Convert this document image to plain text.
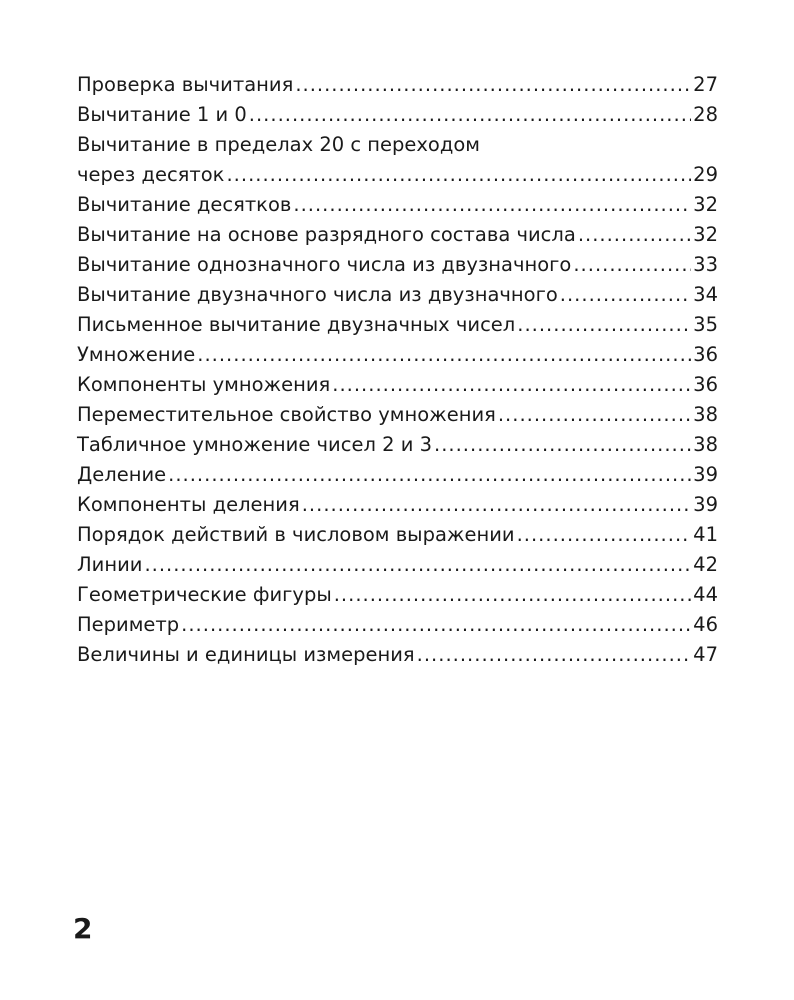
Проверка вычитания .....	27
Вычитание 1 и 0 .....	28
Вычитание в пределах 20 с переходом
через десяток .....	29
Вычитание десятков .....	32
Вычитание на основе разрядного состава числа .....	32
Вычитание однозначного числа из двузначного .....	33
Вычитание двузначного числа из двузначного .....	34
Письменное вычитание двузначных чисел .....	35
Умножение .....	36
Компоненты умножения .....	36
Переместительное свойство умножения .....	38
Табличное умножение чисел 2 и 3 .....	38
Деление .....	39
Компоненты деления .....	39
Порядок действий в числовом выражении .....	41
Линии .....	42
Геометрические фигуры .....	44
Периметр .....	46
Величины и единицы измерения .....	47
2
